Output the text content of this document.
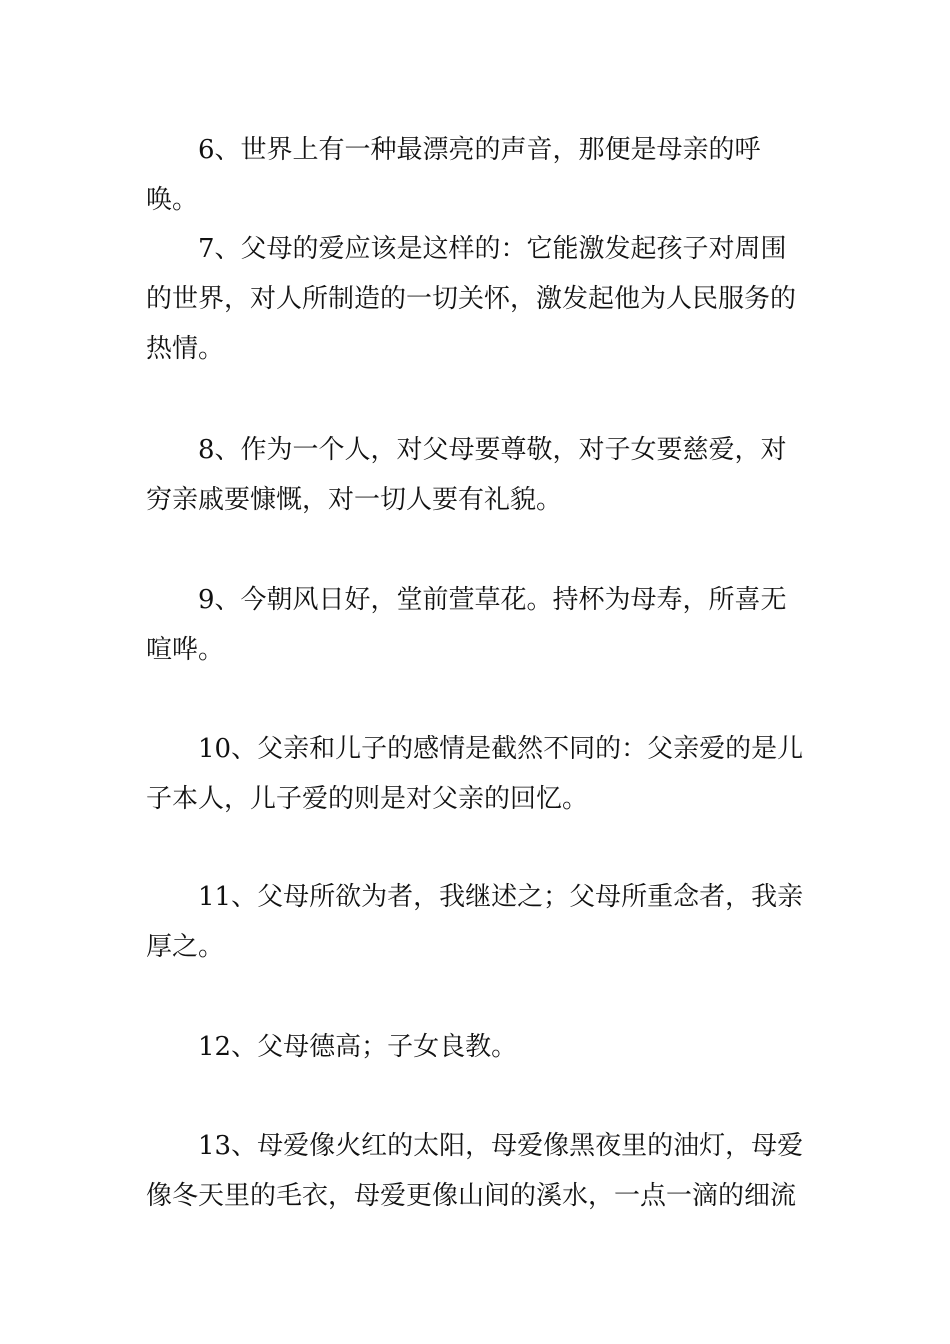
6、世界上有一种最漂亮的声音，那便是母亲的呼唤。

7、父母的爱应该是这样的：它能激发起孩子对周围的世界，对人所制造的一切关怀，激发起他为人民服务的热情。

8、作为一个人，对父母要尊敬，对子女要慈爱，对穷亲戚要慷慨，对一切人要有礼貌。

9、今朝风日好，堂前萱草花。持杯为母寿，所喜无喧哗。

10、父亲和儿子的感情是截然不同的：父亲爱的是儿子本人，儿子爱的则是对父亲的回忆。

11、父母所欲为者，我继述之；父母所重念者，我亲厚之。

12、父母德高；子女良教。

13、母爱像火红的太阳，母爱像黑夜里的油灯，母爱像冬天里的毛衣，母爱更像山间的溪水，一点一滴的细流
